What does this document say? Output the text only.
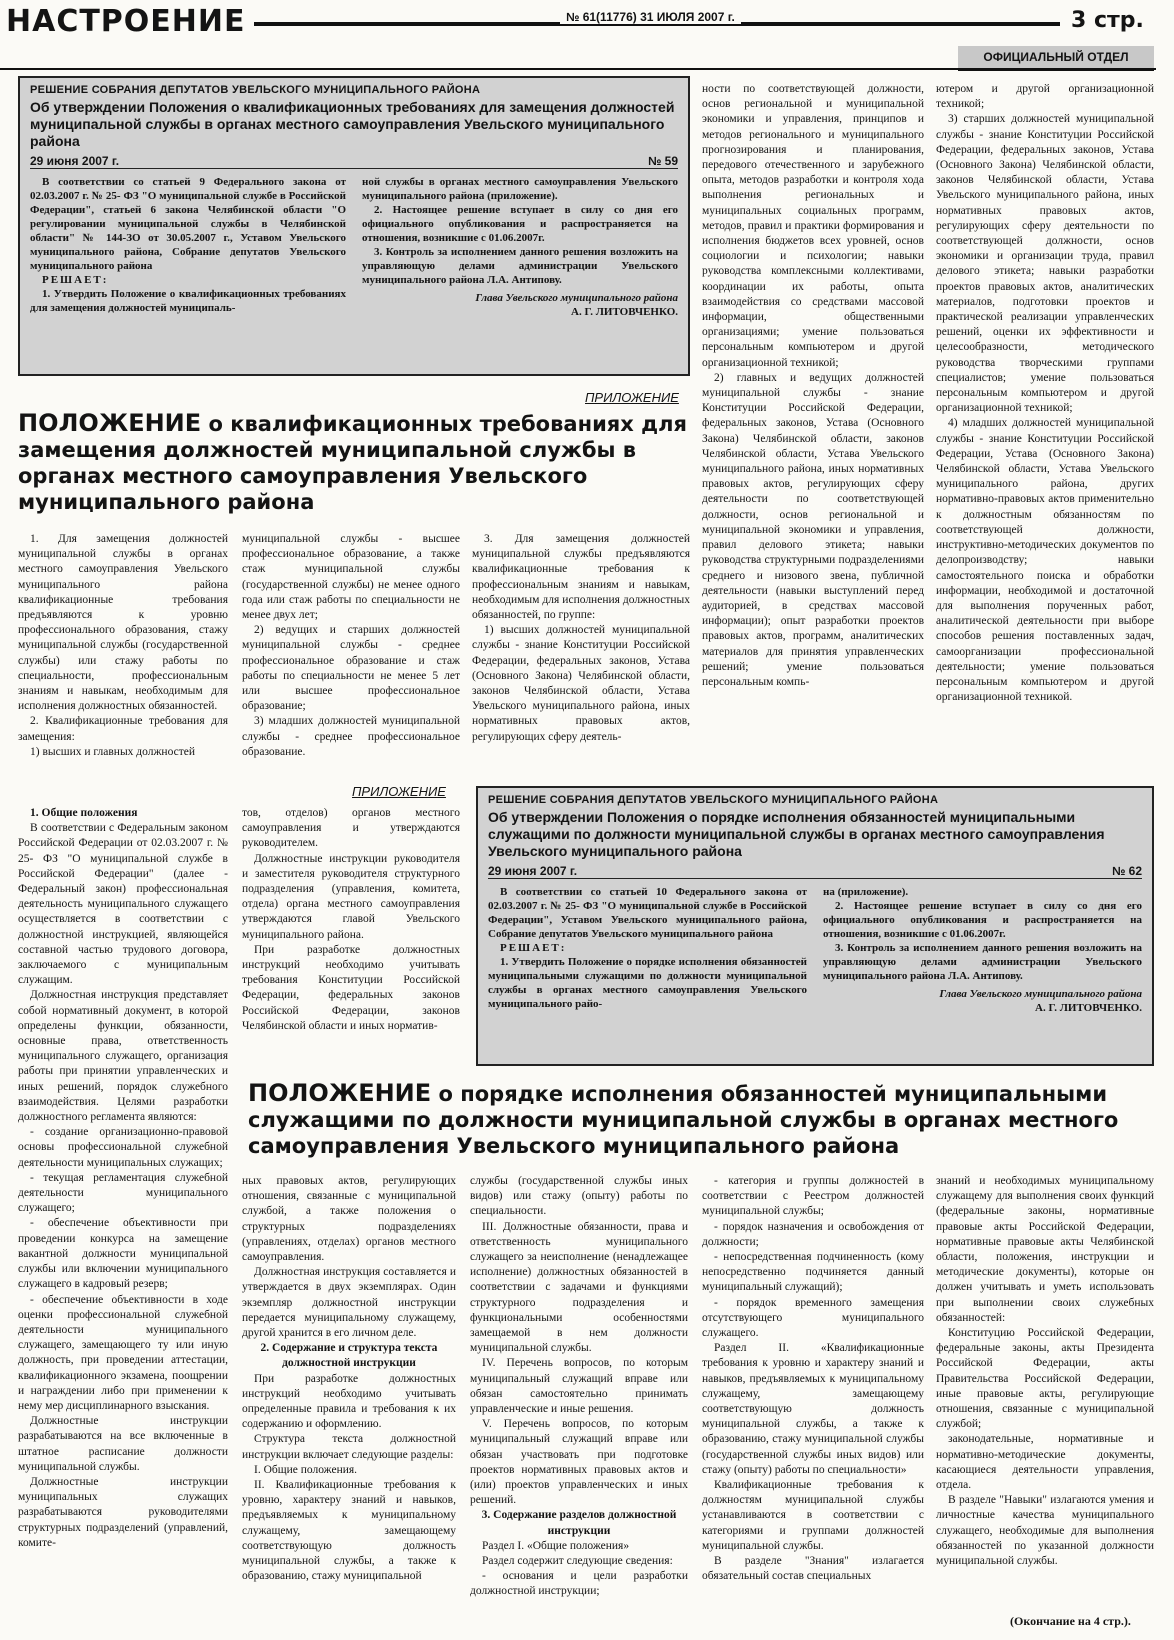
НАСТРОЕНИЕ	№ 61(11776) 31 ИЮЛЯ 2007 г.	3 стр.
ОФИЦИАЛЬНЫЙ ОТДЕЛ
РЕШЕНИЕ СОБРАНИЯ ДЕПУТАТОВ УВЕЛЬСКОГО МУНИЦИПАЛЬНОГО РАЙОНА
Об утверждении Положения о квалификационных требованиях для замещения должностей муниципальной службы в органах местного самоуправления Увельского муниципального района
29 июня 2007 г.	№ 59
В соответствии со статьей 9 Федерального закона от 02.03.2007 г. № 25- ФЗ "О муниципальной службе в Российской Федерации", статьей 6 закона Челябинской области "О регулировании муниципальной службы в Челябинской области" № 144-ЗО от 30.05.2007 г., Уставом Увельского муниципального района, Собрание депутатов Увельского муниципального района
РЕШАЕТ:
1. Утвердить Положение о квалификационных требованиях для замещения должностей муниципаль-
ной службы в органах местного самоуправления Увельского муниципального района (приложение).
2. Настоящее решение вступает в силу со дня его официального опубликования и распространяется на отношения, возникшие с 01.06.2007г.
3. Контроль за исполнением данного решения возложить на управляющую делами администрации Увельского муниципального района Л.А. Антипову.
Глава Увельского муниципального района
А. Г. ЛИТОВЧЕНКО.
ПРИЛОЖЕНИЕ
ПОЛОЖЕНИЕ о квалификационных требованиях для замещения должностей муниципальной службы в органах местного самоуправления Увельского муниципального района

1. Для замещения должностей муниципальной службы в органах местного самоуправления Увельского муниципального района квалификационные требования предъявляются к уровню профессионального образования, стажу муниципальной службы (государственной службы) или стажу работы по специальности, профессиональным знаниям и навыкам, необходимым для исполнения должностных обязанностей.

2. Квалификационные требования для замещения:

1) высших и главных должностей

муниципальной службы - высшее профессиональное образование, а также стаж муниципальной службы (государственной службы) не менее одного года или стаж работы по специальности не менее двух лет;

2) ведущих и старших должностей муниципальной службы - среднее профессиональное образование и стаж работы по специальности не менее 5 лет или высшее профессиональное образование;

3) младших должностей муниципальной службы - среднее профессиональное образование.

3. Для замещения должностей муниципальной службы предъявляются квалификационные требования к профессиональным знаниям и навыкам, необходимым для исполнения должностных обязанностей, по группе:

1) высших должностей муниципальной службы - знание Конституции Российской Федерации, федеральных законов, Устава (Основного Закона) Челябинской области, законов Челябинской области, Устава Увельского муниципального района, иных нормативных правовых актов, регулирующих сферу деятель-

ности по соответствующей должности, основ региональной и муниципальной экономики и управления, принципов и методов регионального и муниципального прогнозирования и планирования, передового отечественного и зарубежного опыта, методов разработки и контроля хода выполнения региональных и муниципальных социальных программ, методов, правил и практики формирования и исполнения бюджетов всех уровней, основ социологии и психологии; навыки руководства комплексными коллективами, координации их работы, опыта взаимодействия со средствами массовой информации, общественными организациями; умение пользоваться персональным компьютером и другой организационной техникой;

2) главных и ведущих должностей муниципальной службы - знание Конституции Российской Федерации, федеральных законов, Устава (Основного Закона) Челябинской области, законов Челябинской области, Устава Увельского муниципального района, иных нормативных правовых актов, регулирующих сферу деятельности по соответствующей должности, основ региональной и муниципальной экономики и управления, правил делового этикета; навыки руководства структурными подразделениями среднего и низового звена, публичной деятельности (навыки выступлений перед аудиторией, в средствах массовой информации); опыт разработки проектов правовых актов, программ, аналитических материалов для принятия управленческих решений; умение пользоваться персональным компь-

ютером и другой организационной техникой;

3) старших должностей муниципальной службы - знание Конституции Российской Федерации, федеральных законов, Устава (Основного Закона) Челябинской области, законов Челябинской области, Устава Увельского муниципального района, иных нормативных правовых актов, регулирующих сферу деятельности по соответствующей должности, основ экономики и организации труда, правил делового этикета; навыки разработки проектов правовых актов, аналитических материалов, подготовки проектов и практической реализации управленческих решений, оценки их эффективности и целесообразности, методического руководства творческими группами специалистов; умение пользоваться персональным компьютером и другой организационной техникой;

4) младших должностей муниципальной службы - знание Конституции Российской Федерации, Устава (Основного Закона) Челябинской области, Устава Увельского муниципального района, других нормативно-правовых актов применительно к должностным обязанностям по соответствующей должности, инструктивно-методических документов по делопроизводству; навыки самостоятельного поиска и обработки информации, необходимой и достаточной для выполнения порученных работ, аналитической деятельности при выборе способов решения поставленных задач, самоорганизации профессиональной деятельности; умение пользоваться персональным компьютером и другой организационной техникой.

ПРИЛОЖЕНИЕ
РЕШЕНИЕ СОБРАНИЯ ДЕПУТАТОВ УВЕЛЬСКОГО МУНИЦИПАЛЬНОГО РАЙОНА
Об утверждении Положения о порядке исполнения обязанностей муниципальными служащими по должности муниципальной службы в органах местного самоуправления Увельского муниципального района
29 июня 2007 г.	№ 62
В соответствии со статьей 10 Федерального закона от 02.03.2007 г. № 25- ФЗ "О муниципальной службе в Российской Федерации", Уставом Увельского муниципального района, Собрание депутатов Увельского муниципального района
РЕШАЕТ:
1. Утвердить Положение о порядке исполнения обязанностей муниципальными служащими по должности муниципальной службы в органах местного самоуправления Увельского муниципального райо-
на (приложение).
2. Настоящее решение вступает в силу со дня его официального опубликования и распространяется на отношения, возникшие с 01.06.2007г.
3. Контроль за исполнением данного решения возложить на управляющую делами администрации Увельского муниципального района Л.А. Антипову.
Глава Увельского муниципального района
А. Г. ЛИТОВЧЕНКО.
ПОЛОЖЕНИЕ о порядке исполнения обязанностей муниципальными служащими по должности муниципальной службы в органах местного самоуправления Увельского муниципального района

1. Общие положения

В соответствии с Федеральным законом Российской Федерации от 02.03.2007 г. № 25- ФЗ "О муниципальной службе в Российской Федерации" (далее - Федеральный закон) профессиональная деятельность муниципального служащего осуществляется в соответствии с должностной инструкцией, являющейся составной частью трудового договора, заключаемого с муниципальным служащим.

Должностная инструкция представляет собой нормативный документ, в которой определены функции, обязанности, основные права, ответственность муниципального служащего, организация работы при принятии управленческих и иных решений, порядок служебного взаимодействия. Целями разработки должностного регламента являются:

- создание организационно-правовой основы профессиональной служебной деятельности муниципальных служащих;

- текущая регламентация служебной деятельности муниципального служащего;

- обеспечение объективности при проведении конкурса на замещение вакантной должности муниципальной службы или включении муниципального служащего в кадровый резерв;

- обеспечение объективности в ходе оценки профессиональной служебной деятельности муниципального служащего, замещающего ту или иную должность, при проведении аттестации, квалификационного экзамена, поощрении и награждении либо при применении к нему мер дисциплинарного взыскания.

Должностные инструкции разрабатываются на все включенные в штатное расписание должности муниципальной службы.

Должностные инструкции муниципальных служащих разрабатываются руководителями структурных подразделений (управлений, комите-

тов, отделов) органов местного самоуправления и утверждаются руководителем.

Должностные инструкции руководителя и заместителя руководителя структурного подразделения (управления, комитета, отдела) органа местного самоуправления утверждаются главой Увельского муниципального района.

При разработке должностных инструкций необходимо учитывать требования Конституции Российской Федерации, федеральных законов Российской Федерации, законов Челябинской области и иных норматив-

ных правовых актов, регулирующих отношения, связанные с муниципальной службой, а также положения о структурных подразделениях (управлениях, отделах) органов местного самоуправления.

Должностная инструкция составляется и утверждается в двух экземплярах. Один экземпляр должностной инструкции передается муниципальному служащему, другой хранится в его личном деле.

2. Содержание и структура текста должностной инструкции

При разработке должностных инструкций необходимо учитывать определенные правила и требования к их содержанию и оформлению.

Структура текста должностной инструкции включает следующие разделы:

I. Общие положения.

II. Квалификационные требования к уровню, характеру знаний и навыков, предъявляемых к муниципальному служащему, замещающему соответствующую должность муниципальной службы, а также к образованию, стажу муниципальной

службы (государственной службы иных видов) или стажу (опыту) работы по специальности.

III. Должностные обязанности, права и ответственность муниципального служащего за неисполнение (ненадлежащее исполнение) должностных обязанностей в соответствии с задачами и функциями структурного подразделения и функциональными особенностями замещаемой в нем должности муниципальной службы.

IV. Перечень вопросов, по которым муниципальный служащий вправе или обязан самостоятельно принимать управленческие и иные решения.

V. Перечень вопросов, по которым муниципальный служащий вправе или обязан участвовать при подготовке проектов нормативных правовых актов и (или) проектов управленческих и иных решений.

3. Содержание разделов должностной инструкции

Раздел I. «Общие положения»

Раздел содержит следующие сведения:

- основания и цели разработки должностной инструкции;

- категория и группы должностей в соответствии с Реестром должностей муниципальной службы;

- порядок назначения и освобождения от должности;

- непосредственная подчиненность (кому непосредственно подчиняется данный муниципальный служащий);

- порядок временного замещения отсутствующего муниципального служащего.

Раздел II. «Квалификационные требования к уровню и характеру знаний и навыков, предъявляемых к муниципальному служащему, замещающему соответствующую должность муниципальной службы, а также к образованию, стажу муниципальной службы (государственной службы иных видов) или стажу (опыту) работы по специальности»

Квалификационные требования к должностям муниципальной службы устанавливаются в соответствии с категориями и группами должностей муниципальной службы.

В разделе "Знания" излагается обязательный состав специальных

знаний и необходимых муниципальному служащему для выполнения своих функций (федеральные законы, нормативные правовые акты Российской Федерации, нормативные правовые акты Челябинской области, положения, инструкции и методические документы), которые он должен учитывать и уметь использовать при выполнении своих служебных обязанностей:

Конституцию Российской Федерации, федеральные законы, акты Президента Российской Федерации, акты Правительства Российской Федерации, иные правовые акты, регулирующие отношения, связанные с муниципальной службой;

законодательные, нормативные и нормативно-методические документы, касающиеся деятельности управления, отдела.

В разделе "Навыки" излагаются умения и личностные качества муниципального служащего, необходимые для выполнения обязанностей по указанной должности муниципальной службы.

(Окончание на 4 стр.).
